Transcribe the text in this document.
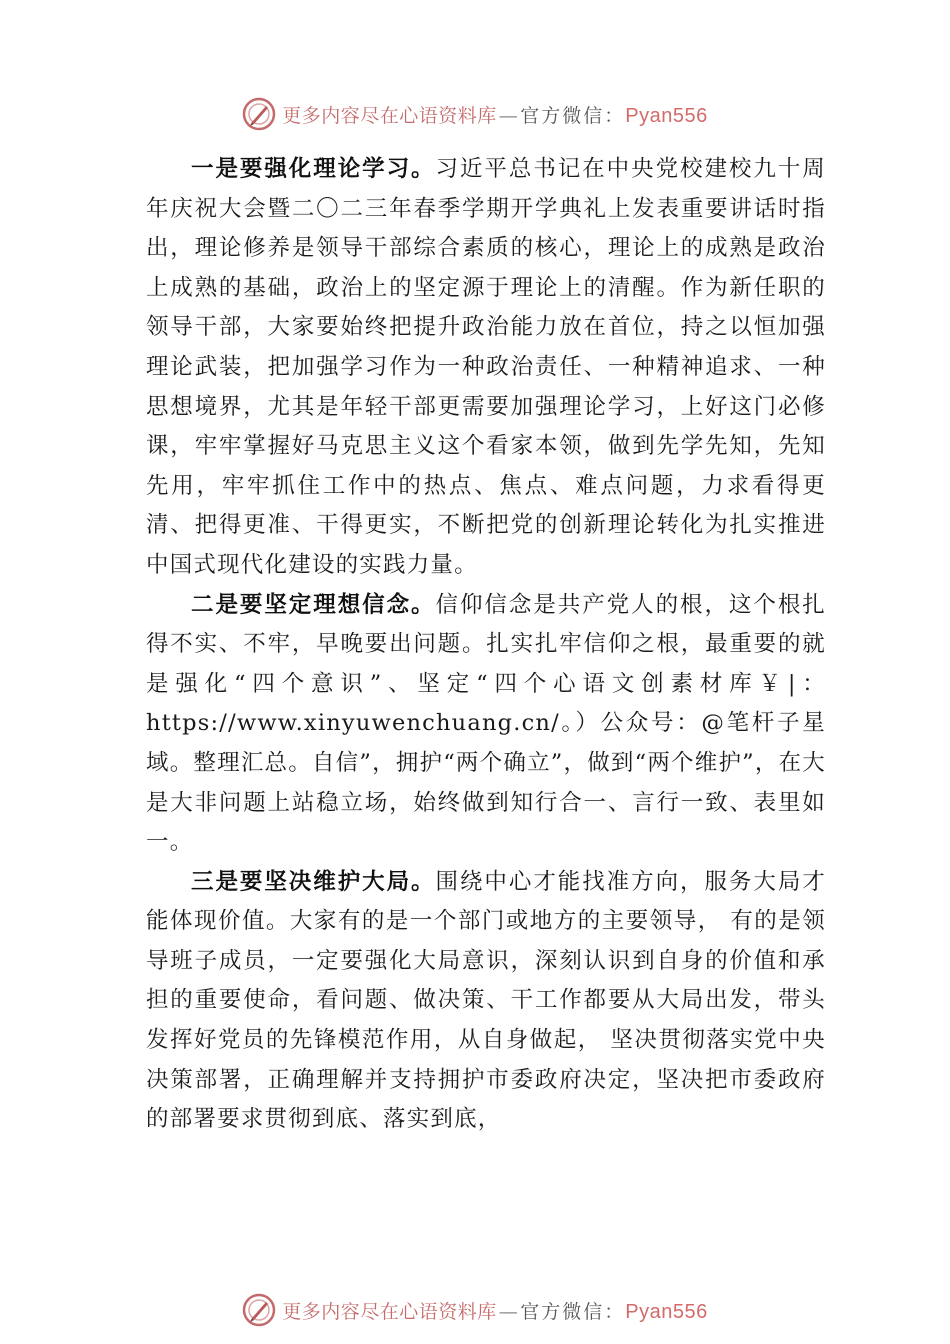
更多内容尽在心语资料库 — 官方微信：Pyan556

一是要强化理论学习。习近平总书记在中央党校建校九十周年庆祝大会暨二〇二三年春季学期开学典礼上发表重要讲话时指出，理论修养是领导干部综合素质的核心，理论上的成熟是政治上成熟的基础，政治上的坚定源于理论上的清醒。作为新任职的领导干部，大家要始终把提升政治能力放在首位，持之以恒加强理论武装，把加强学习作为一种政治责任、一种精神追求、一种思想境界，尤其是年轻干部更需要加强理论学习，上好这门必修课，牢牢掌握好马克思主义这个看家本领，做到先学先知，先知先用，牢牢抓住工作中的热点、焦点、难点问题，力求看得更清、把得更准、干得更实，不断把党的创新理论转化为扎实推进中国式现代化建设的实践力量。

二是要坚定理想信念。信仰信念是共产党人的根，这个根扎得不实、不牢，早晚要出问题。扎实扎牢信仰之根，最重要的就是强化“四个意识”、坚定“四个心语文创素材库￥|：https://www.xinyuwenchuang.cn/。）公众号：@笔杆子星域。整理汇总。自信”，拥护“两个确立”，做到“两个维护”，在大是大非问题上站稳立场，始终做到知行合一、言行一致、表里如一。

三是要坚决维护大局。围绕中心才能找准方向，服务大局才能体现价值。大家有的是一个部门或地方的主要领导， 有的是领导班子成员，一定要强化大局意识，深刻认识到自身的价值和承担的重要使命，看问题、做决策、干工作都要从大局出发，带头发挥好党员的先锋模范作用，从自身做起， 坚决贯彻落实党中央决策部署，正确理解并支持拥护市委政府决定，坚决把市委政府的部署要求贯彻到底、落实到底，

更多内容尽在心语资料库 — 官方微信：Pyan556
